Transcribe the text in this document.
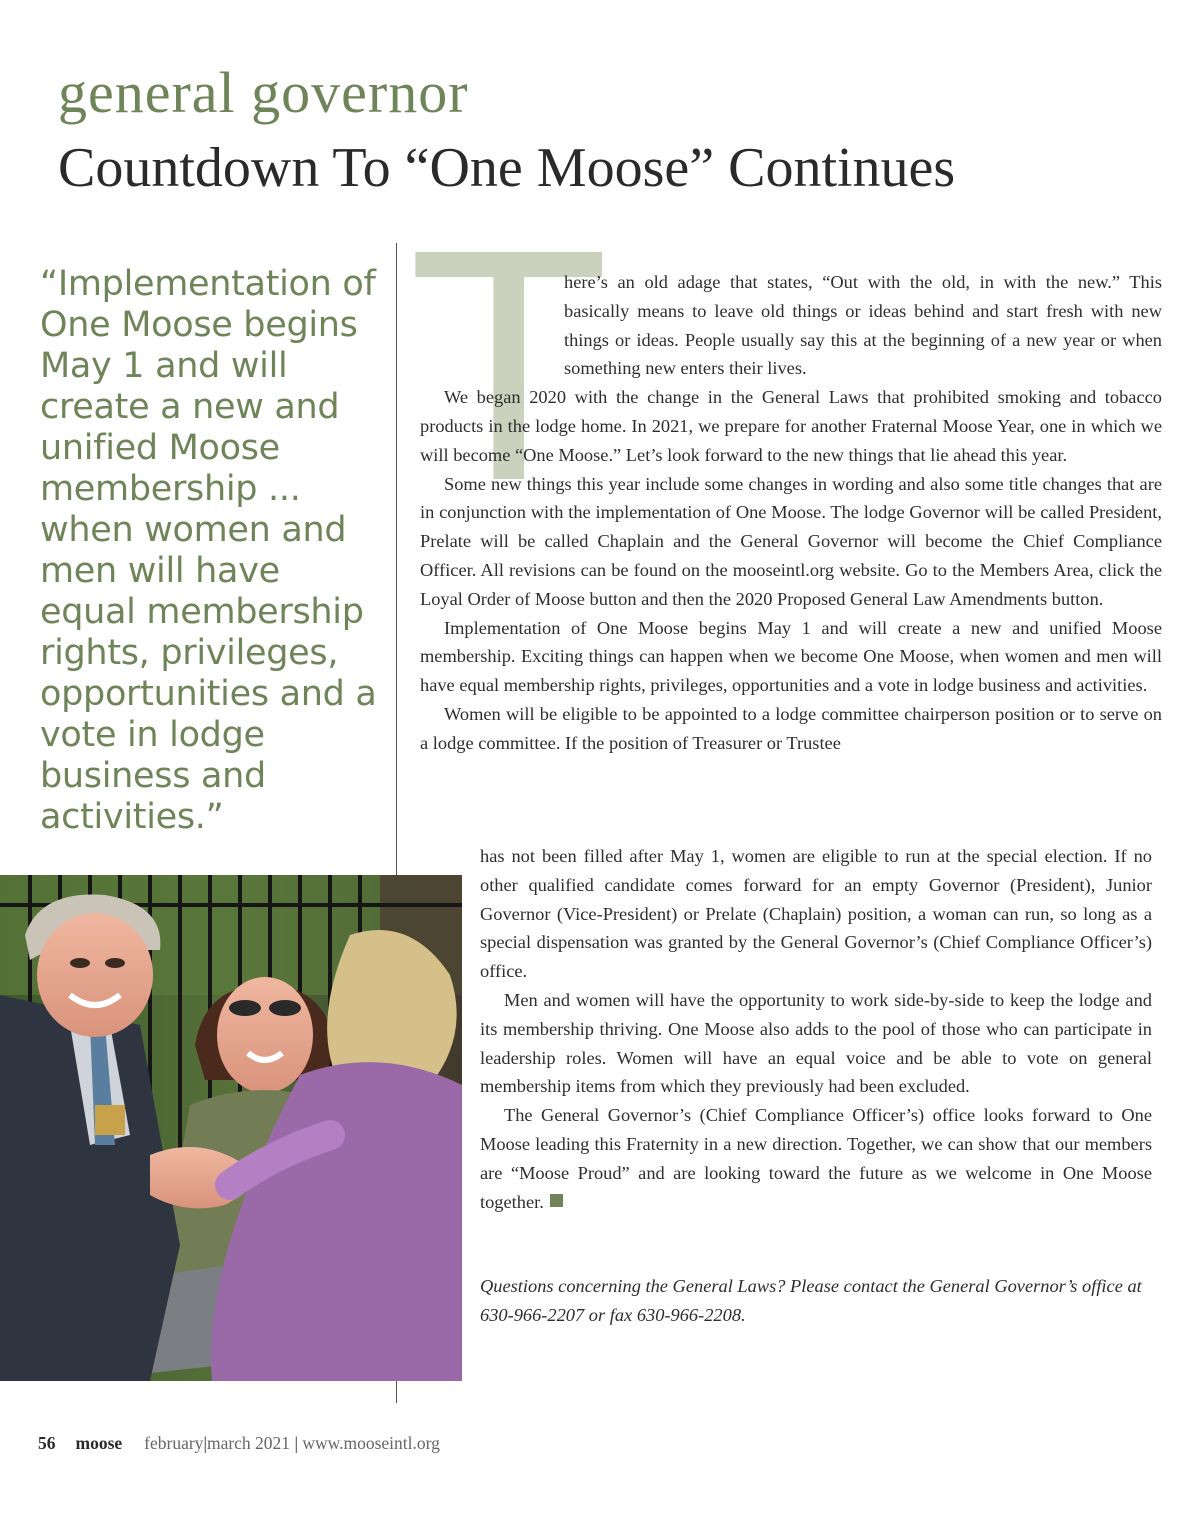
general governor
Countdown To “One Moose” Continues

“Implementation of One Moose begins May 1 and will create a new and unified Moose membership ... when women and men will have equal membership rights, privileges, opportunities and a vote in lodge business and activities.”

T

here’s an old adage that states, “Out with the old, in with the new.” This basically means to leave old things or ideas behind and start fresh with new things or ideas. People usually say this at the beginning of a new year or when something new enters their lives.

We began 2020 with the change in the General Laws that prohibited smoking and tobacco products in the lodge home. In 2021, we prepare for another Fraternal Moose Year, one in which we will become “One Moose.” Let’s look forward to the new things that lie ahead this year.

Some new things this year include some changes in wording and also some title changes that are in conjunction with the implementation of One Moose. The lodge Governor will be called President, Prelate will be called Chaplain and the General Governor will become the Chief Compliance Officer. All revisions can be found on the mooseintl.org website. Go to the Members Area, click the Loyal Order of Moose button and then the 2020 Proposed General Law Amendments button.

Implementation of One Moose begins May 1 and will create a new and unified Moose membership. Exciting things can happen when we become One Moose, when women and men will have equal membership rights, privileges, opportunities and a vote in lodge business and activities.

Women will be eligible to be appointed to a lodge committee chairperson position or to serve on a lodge committee. If the position of Treasurer or Trustee

has not been filled after May 1, women are eligible to run at the special election. If no other qualified candidate comes forward for an empty Governor (President), Junior Governor (Vice-President) or Prelate (Chaplain) position, a woman can run, so long as a special dispensation was granted by the General Governor’s (Chief Compliance Officer’s) office.

Men and women will have the opportunity to work side-by-side to keep the lodge and its membership thriving. One Moose also adds to the pool of those who can participate in leadership roles. Women will have an equal voice and be able to vote on general membership items from which they previously had been excluded.

The General Governor’s (Chief Compliance Officer’s) office looks forward to One Moose leading this Fraternity in a new direction. Together, we can show that our members are “Moose Proud” and are looking toward the future as we welcome in One Moose together.

Questions concerning the General Laws? Please contact the General Governor’s office at 630-966-2207 or fax 630-966-2208.
56 moose february|march 2021 | www.mooseintl.org
